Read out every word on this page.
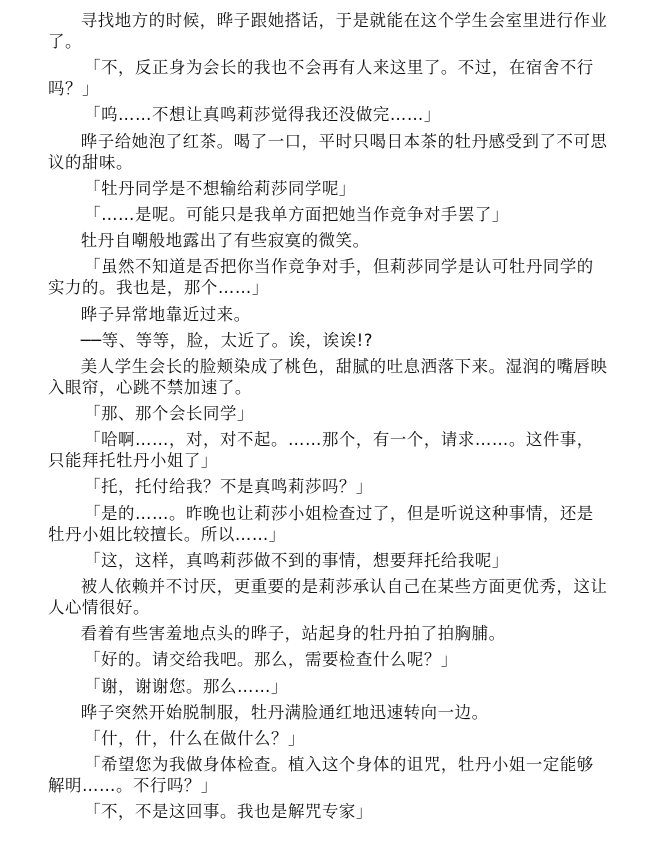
寻找地方的时候，晔子跟她搭话，于是就能在这个学生会室里进行作业了。

「不，反正身为会长的我也不会再有人来这里了。不过，在宿舍不行吗？」

「呜……不想让真鸣莉莎觉得我还没做完……」

晔子给她泡了红茶。喝了一口，平时只喝日本茶的牡丹感受到了不可思议的甜味。

「牡丹同学是不想输给莉莎同学呢」

「……是呢。可能只是我单方面把她当作竞争对手罢了」

牡丹自嘲般地露出了有些寂寞的微笑。

「虽然不知道是否把你当作竞争对手，但莉莎同学是认可牡丹同学的实力的。我也是，那个……」

晔子异常地靠近过来。

──等、等等，脸，太近了。诶，诶诶!?

美人学生会长的脸颊染成了桃色，甜腻的吐息洒落下来。湿润的嘴唇映入眼帘，心跳不禁加速了。

「那、那个会长同学」

「哈啊……，对，对不起。……那个，有一个，请求……。这件事，只能拜托牡丹小姐了」

「托，托付给我？不是真鸣莉莎吗？」

「是的……。昨晚也让莉莎小姐检查过了，但是听说这种事情，还是牡丹小姐比较擅长。所以……」

「这，这样，真鸣莉莎做不到的事情，想要拜托给我呢」

被人依赖并不讨厌，更重要的是莉莎承认自己在某些方面更优秀，这让人心情很好。

看着有些害羞地点头的晔子，站起身的牡丹拍了拍胸脯。

「好的。请交给我吧。那么，需要检查什么呢？」

「谢，谢谢您。那么……」

晔子突然开始脱制服，牡丹满脸通红地迅速转向一边。

「什，什，什么在做什么？」

「希望您为我做身体检查。植入这个身体的诅咒，牡丹小姐一定能够解明……。不行吗？」

「不，不是这回事。我也是解咒专家」
